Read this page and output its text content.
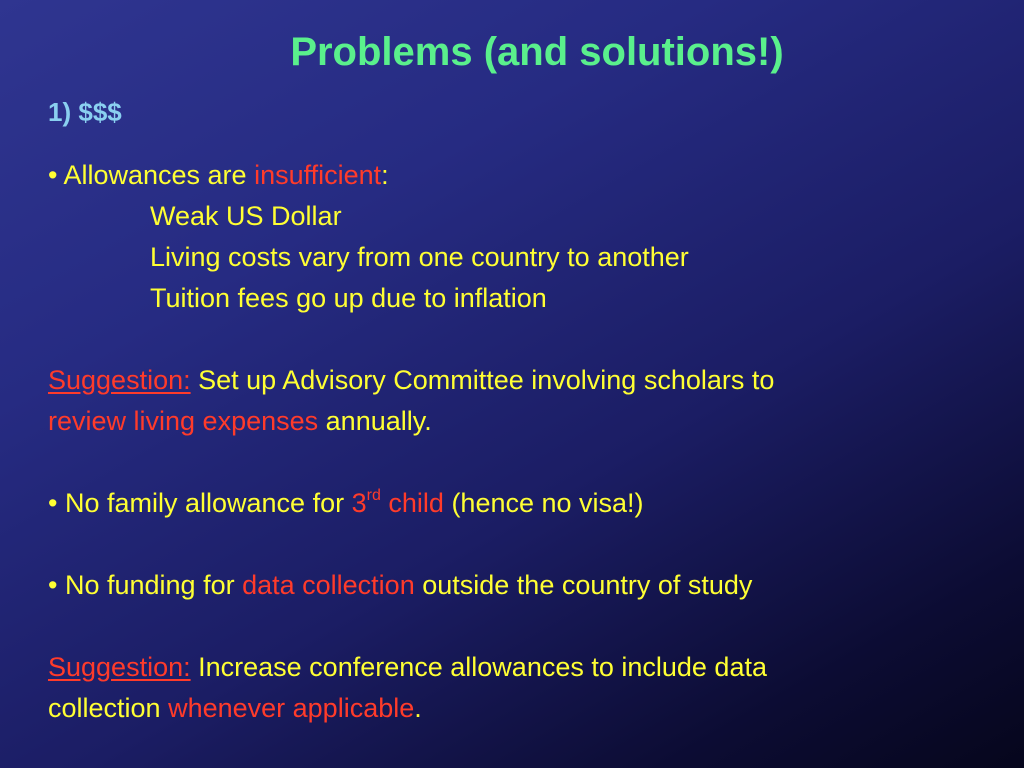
Problems (and solutions!)
1) $$$
• Allowances are insufficient:
Weak US Dollar
Living costs vary from one country to another
Tuition fees go up due to inflation
Suggestion: Set up Advisory Committee involving scholars to
review living expenses annually.
• No family allowance for 3rd child (hence no visa!)
• No funding for data collection outside the country of study
Suggestion: Increase conference allowances to include data
collection whenever applicable.
